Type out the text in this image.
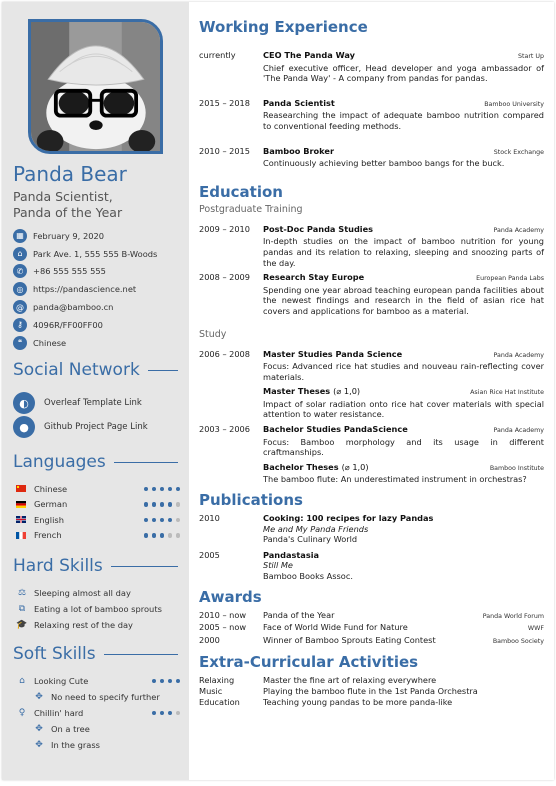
Panda Bear
Panda Scientist,
Panda of the Year
▦	February 9, 2020
⌂	Park Ave. 1, 555 555 B-Woods
✆	+86 555 555 555
◎	https://pandascience.net
@	panda@bamboo.cn
⚷	4096R/FF00FF00
❝	Chinese
Social Network
◐	Overleaf Template Link
●	Github Project Page Link
Languages
Chinese
German
English
French
Hard Skills
⚖ Sleeping almost all day
⧉	Eating a lot of bamboo sprouts
🎓 Relaxing rest of the day
Soft Skills
⌂	Looking Cute
✥ No need to specify further
♀	Chillin' hard
✥ On a tree
✥ In the grass
Working Experience
currently	CEO The Panda Way	Start Up
Chief executive officer, Head developer and yoga ambassador of 'The Panda Way' - A company from pandas for pandas.
2015 – 2018	Panda Scientist	Bamboo University
Reasearching the impact of adequate bamboo nutrition compared to conventional feeding methods.
2010 – 2015	Bamboo Broker	Stock Exchange
Continuously achieving better bamboo bangs for the buck.
Education
Postgraduate Training
2009 – 2010	Post-Doc Panda Studies	Panda Academy
In-depth studies on the impact of bamboo nutrition for young pandas and its relation to relaxing, sleeping and snoozing parts of the day.
2008 – 2009	Research Stay Europe	European Panda Labs
Spending one year abroad teaching european panda facilities about the newest findings and research in the field of asian rice hat covers and applications for bamboo as a material.
Study
2006 – 2008	Master Studies Panda Science	Panda Academy
Focus: Advanced rice hat studies and nouveau rain-reflecting cover materials.
Master Theses (⌀ 1,0)	Asian Rice Hat Institute
Impact of solar radiation onto rice hat cover materials with special attention to water resistance.
2003 – 2006	Bachelor Studies PandaScience	Panda Academy
Focus: Bamboo morphology and its usage in different craftmanships.
Bachelor Theses (⌀ 1,0)	Bamboo Institute
The bamboo flute: An underestimated instrument in orchestras?
Publications
2010	Cooking: 100 recipes for lazy Pandas
Me and My Panda Friends
Panda's Culinary World
2005	Pandastasia
Still Me
Bamboo Books Assoc.
Awards
2010 – now	Panda of the Year	Panda World Forum
2005 – now	Face of World Wide Fund for Nature	WWF
2000	Winner of Bamboo Sprouts Eating Contest	Bamboo Society
Extra-Curricular Activities
Relaxing	Master the fine art of relaxing everywhere
Music	Playing the bamboo flute in the 1st Panda Orchestra
Education	Teaching young pandas to be more panda-like
